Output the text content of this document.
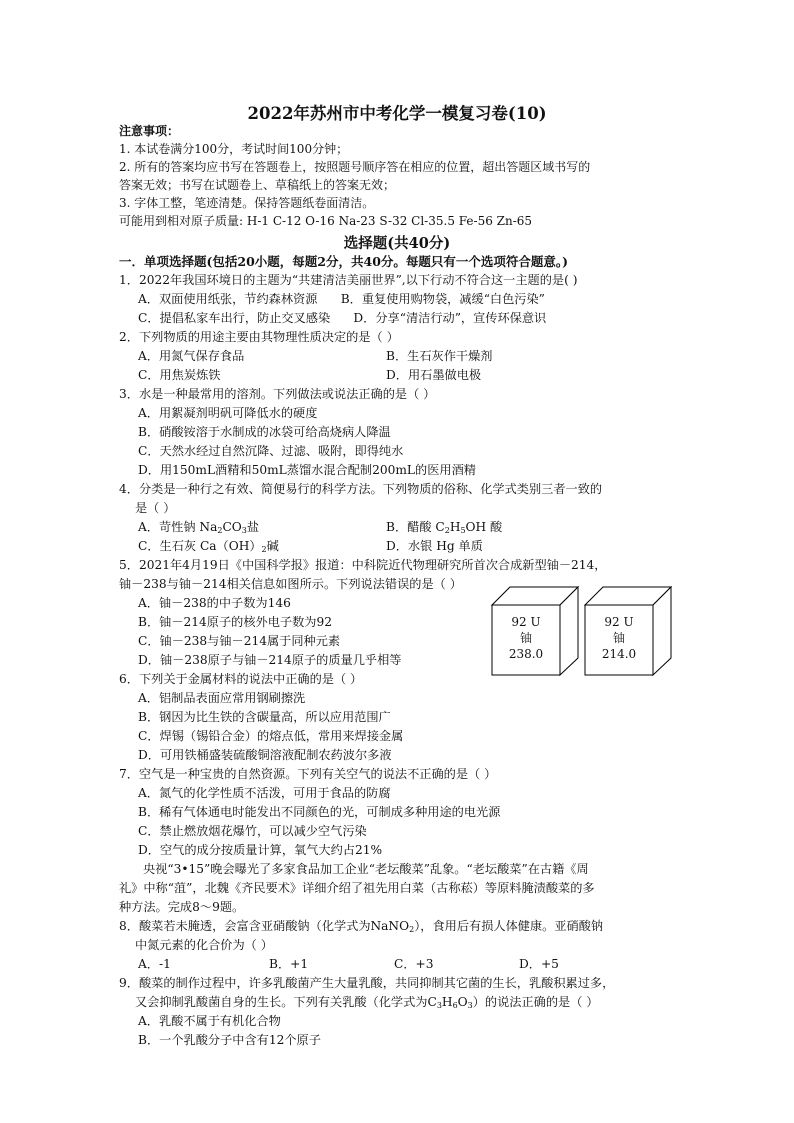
2022年苏州市中考化学一模复习卷(10)
注意事项：
1. 本试卷满分100分，考试时间100分钟；
2. 所有的答案均应书写在答题卷上，按照题号顺序答在相应的位置，超出答题区域书写的
答案无效；书写在试题卷上、草稿纸上的答案无效；
3. 字体工整，笔迹清楚。保持答题纸卷面清洁。
可能用到相对原子质量: H-1 C-12 O-16 Na-23 S-32 Cl-35.5 Fe-56 Zn-65
选择题(共40分)
一．单项选择题(包括20小题，每题2分，共40分。每题只有一个选项符合题意。)
1．2022年我国环境日的主题为“共建清洁美丽世界”,以下行动不符合这一主题的是( )
A．双面使用纸张，节约森林资源 B．重复使用购物袋，减缓“白色污染”
C．提倡私家车出行，防止交叉感染 D．分享“清洁行动”，宣传环保意识
2．下列物质的用途主要由其物理性质决定的是（ ）
A．用氮气保存食品	B．生石灰作干燥剂
C．用焦炭炼铁	D．用石墨做电极
3．水是一种最常用的溶剂。下列做法或说法正确的是（ ）
A．用絮凝剂明矾可降低水的硬度
B．硝酸铵溶于水制成的冰袋可给高烧病人降温
C．天然水经过自然沉降、过滤、吸附，即得纯水
D．用150mL酒精和50mL蒸馏水混合配制200mL的医用酒精
4．分类是一种行之有效、简便易行的科学方法。下列物质的俗称、化学式类别三者一致的
是（ ）
A．苛性钠 $Na_2CO_3$盐	B．醋酸 $C_2H_5OH$ 酸
C．生石灰 $Ca(OH)_2$碱	D．水银 Hg 单质
5．2021年4月19日《中国科学报》报道：中科院近代物理研究所首次合成新型铀－214，
铀－238与铀－214相关信息如图所示。下列说法错误的是（ ）
A．铀－238的中子数为146
B．铀－214原子的核外电子数为92
C．铀－238与铀－214属于同种元素
D．铀－238原子与铀－214原子的质量几乎相等
6．下列关于金属材料的说法中正确的是（ ）
A．铝制品表面应常用钢刷擦洗
B．钢因为比生铁的含碳量高，所以应用范围广
C．焊锡（锡铅合金）的熔点低，常用来焊接金属
D．可用铁桶盛装硫酸铜溶液配制农药波尔多液
7．空气是一种宝贵的自然资源。下列有关空气的说法不正确的是（ ）
A．氮气的化学性质不活泼，可用于食品的防腐
B．稀有气体通电时能发出不同颜色的光，可制成多种用途的电光源
C．禁止燃放烟花爆竹，可以减少空气污染
D．空气的成分按质量计算，氧气大约占21%
央视“3•15”晚会曝光了多家食品加工企业“老坛酸菜”乱象。“老坛酸菜”在古籍《周
礼》中称“菹”，北魏《齐民要术》详细介绍了祖先用白菜（古称菘）等原料腌渍酸菜的多
种方法。完成8～9题。
8．酸菜若未腌透，会富含亚硝酸钠（化学式为NaNO$_2$），食用后有损人体健康。亚硝酸钠
中氮元素的化合价为（ ）
A．-1	B．+1	C．+3	D．+5
9．酸菜的制作过程中，许多乳酸菌产生大量乳酸，共同抑制其它菌的生长，乳酸积累过多，
又会抑制乳酸菌自身的生长。下列有关乳酸（化学式为$C_3H_6O_3$）的说法正确的是（ ）
A．乳酸不属于有机化合物
B．一个乳酸分子中含有12个原子
92 U
铀
238.0
92 U
铀
214.0
